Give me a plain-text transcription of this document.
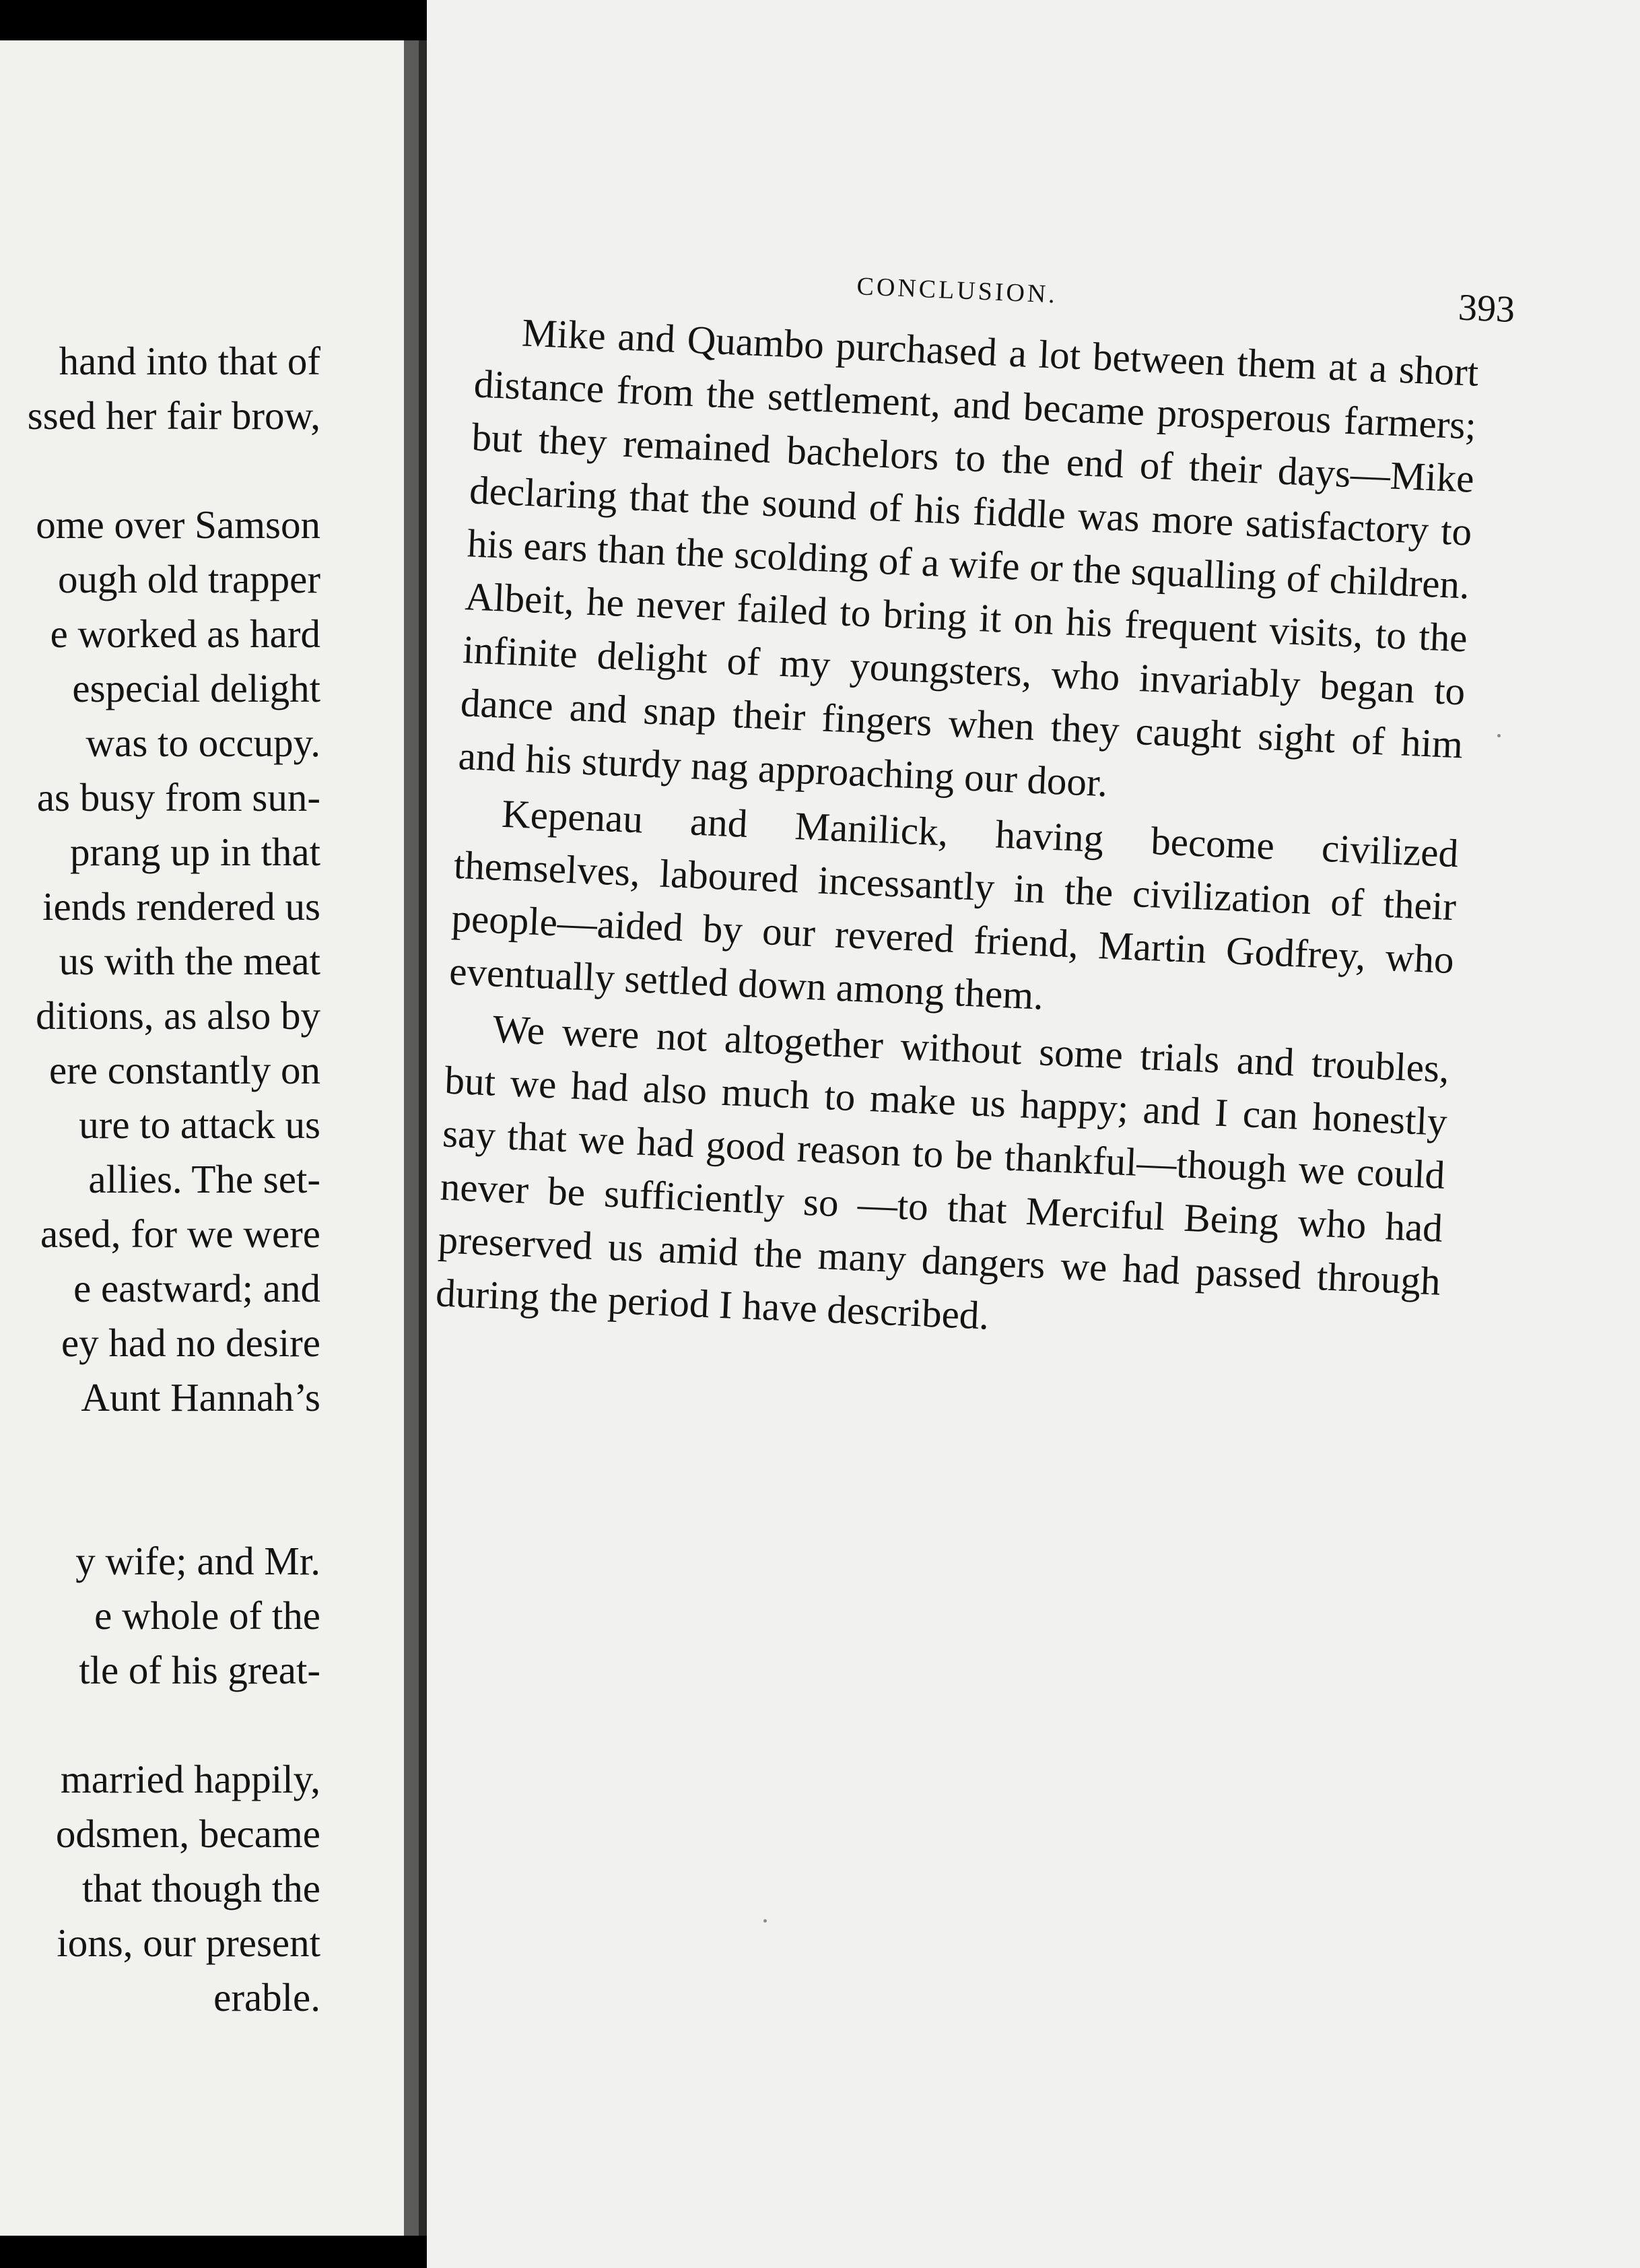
hand into that of
ssed her fair brow,
ome over Samson
ough old trapper
e worked as hard
especial delight
was to occupy.
as busy from sun-
prang up in that
iends rendered us
us with the meat
ditions, as also by
ere constantly on
ure to attack us
allies. The set-
ased, for we were
e eastward; and
ey had no desire
Aunt Hannah’s
y wife; and Mr.
e whole of the
tle of his great-
married happily,
odsmen, became
that though the
ions, our present
erable.
CONCLUSION.	393

Mike and Quambo purchased a lot between them at a short distance from the settlement, and became prosperous farmers; but they remained bachelors to the end of their days—Mike declaring that the sound of his fiddle was more satisfactory to his ears than the scolding of a wife or the squalling of children. Albeit, he never failed to bring it on his frequent visits, to the infinite delight of my youngsters, who invariably began to dance and snap their fingers when they caught sight of him and his sturdy nag approaching our door.

Kepenau and Manilick, having become civilized themselves, laboured incessantly in the civilization of their people—aided by our revered friend, Martin Godfrey, who eventually settled down among them.

We were not altogether without some trials and troubles, but we had also much to make us happy; and I can honestly say that we had good reason to be thankful—though we could never be sufficiently so —to that Merciful Being who had preserved us amid the many dangers we had passed through during the period I have described.
